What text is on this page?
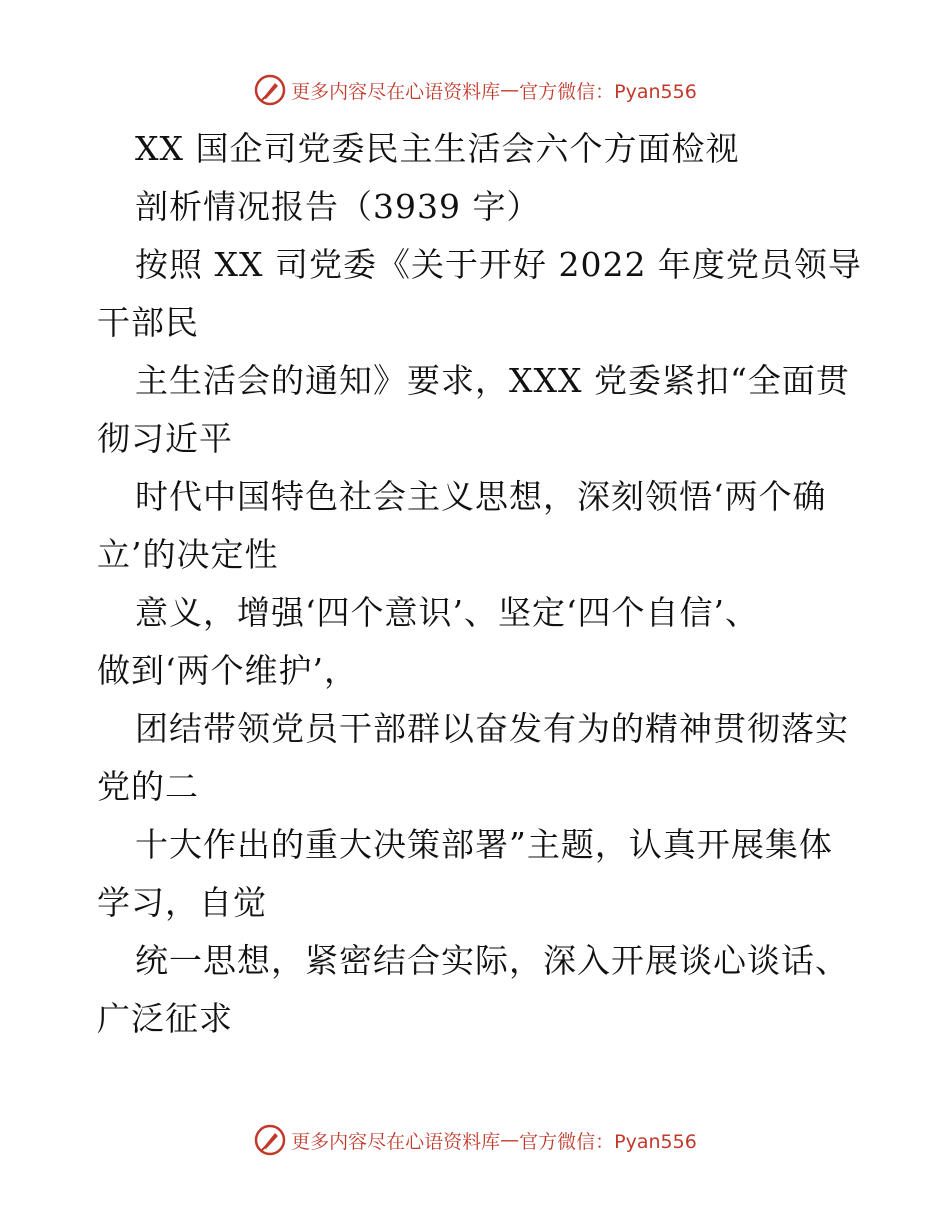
更多内容尽在心语资料库 — 官方微信：Pyan556
XX 国企司党委民主生活会六个方面检视
剖析情况报告（3939 字）
按照 XX 司党委《关于开好 2022 年度党员领导
干部民
主生活会的通知》要求，XXX 党委紧扣“全面贯
彻习近平
时代中国特色社会主义思想，深刻领悟‘两个确
立’的决定性
意义，增强‘四个意识’、坚定‘四个自信’、
做到‘两个维护’，
团结带领党员干部群以奋发有为的精神贯彻落实
党的二
十大作出的重大决策部署”主题，认真开展集体
学习，自觉
统一思想，紧密结合实际，深入开展谈心谈话、
广泛征求
更多内容尽在心语资料库 — 官方微信：Pyan556
